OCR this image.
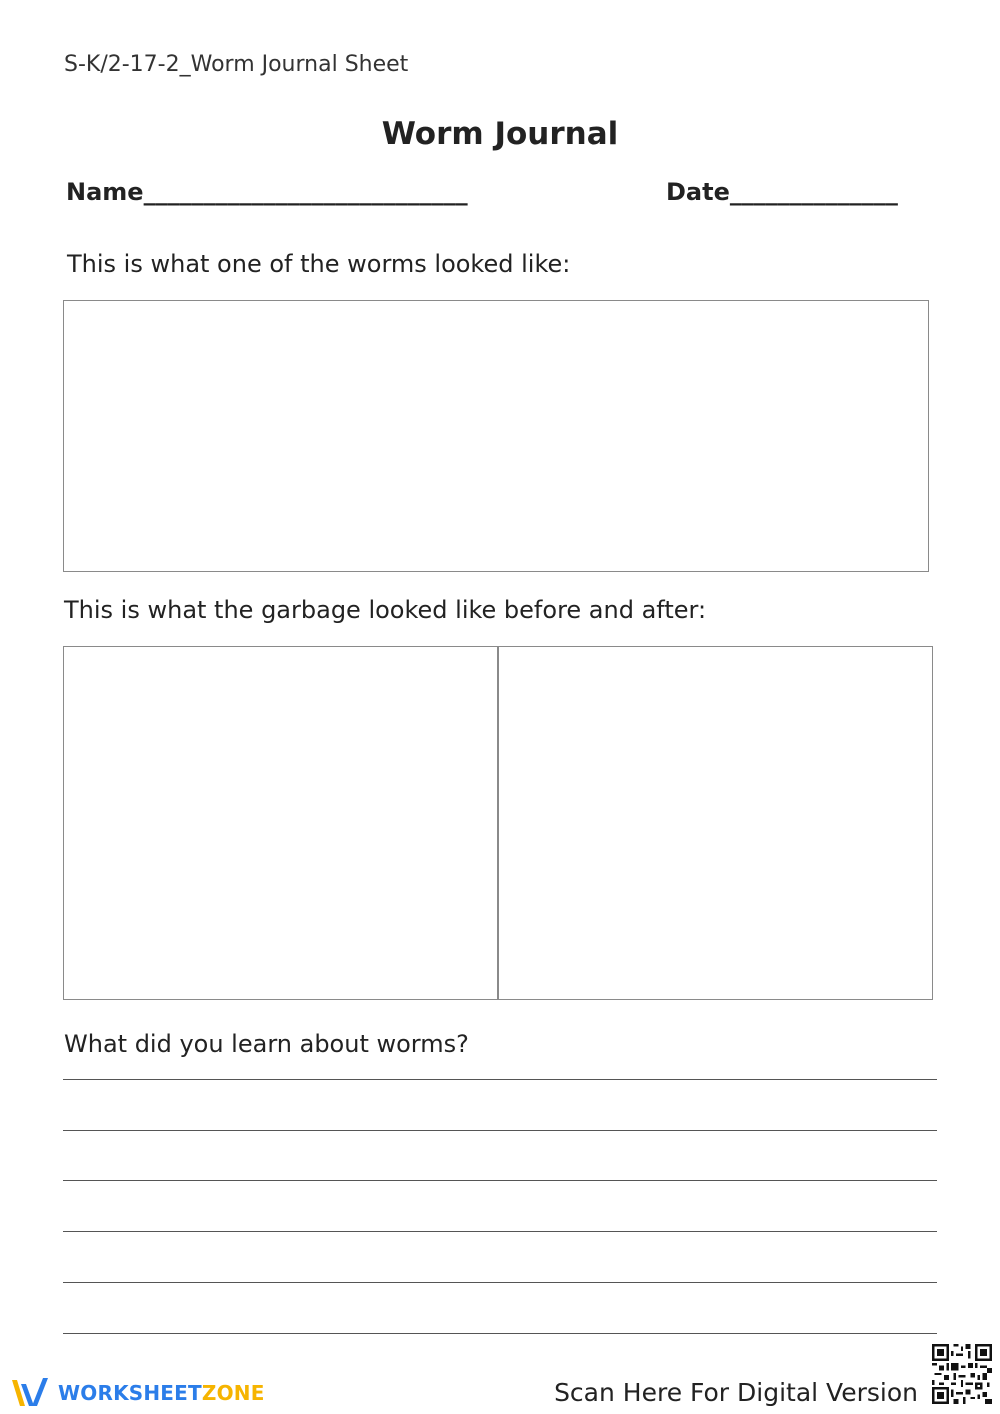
S-K/2-17-2_Worm Journal Sheet
Worm Journal
Name___________________________	Date______________
This is what one of the worms looked like:
This is what the garbage looked like before and after:
What did you learn about worms?
WORKSHEETZONE	Scan Here For Digital Version
